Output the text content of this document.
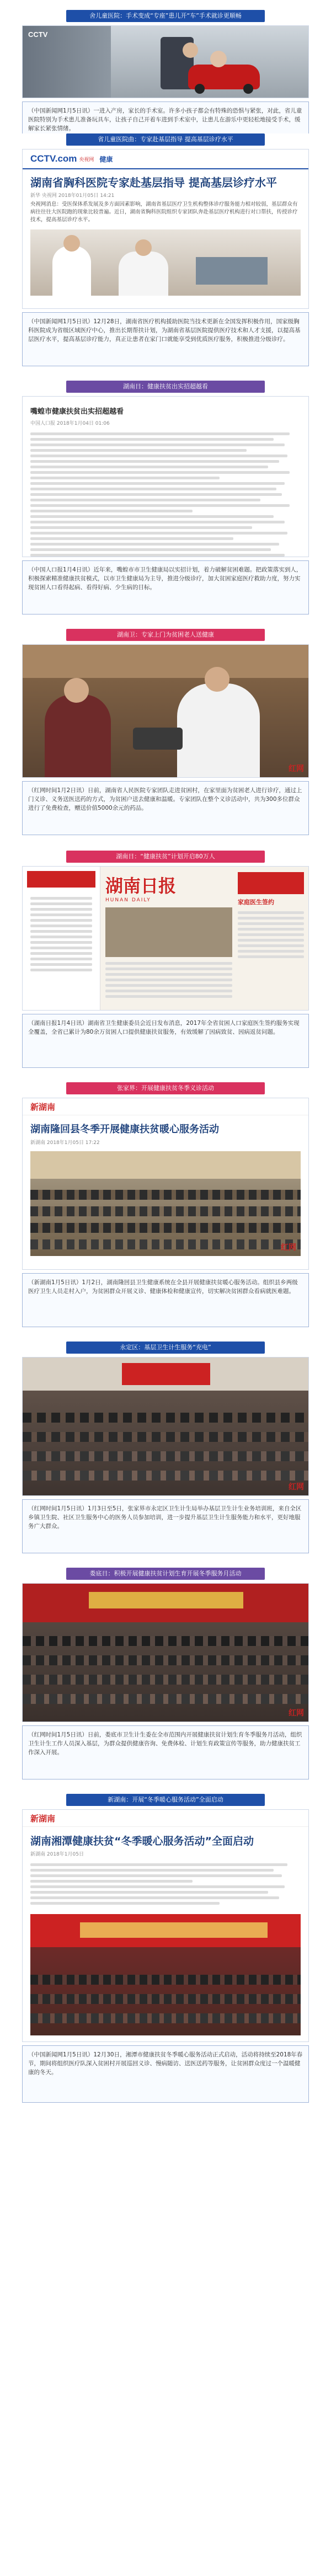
舍儿童医院：手术变成“专座”患儿开“车”手术就诊更顺畅
CCTV
（中国新闻网1月5日讯）一进入产房，家长的手术室。许多小孩子都会有特殊的恐惧与紧张，对此，省儿童医院特别为手术患儿准备玩具车，让孩子自己开着车进到手术室中，让患儿在游乐中更轻松地接受手术，缓解家长紧张情绪。
省儿童医院曲：专家赴基层指导 提高基层诊疗水平
CCTV.com 央视网 健康
湖南省胸科医院专家赴基层指导 提高基层诊疗水平
新华 央视网 2018年01月05日 14:21
央视网消息：受医保体系发展及多方面因素影响，湖南省基层医疗卫生机构整体诊疗服务能力相对较弱，基层群众有病往往往大医院跑的现象比较普遍。近日，湖南省胸科医院组织专家团队奔赴基层医疗机构进行对口帮扶，传授诊疗技术，提高基层诊疗水平。
（中国新闻网1月5日讯）12月28日，湖南省医疗机构援助医院当技术更新在全国发挥积极作用，国家级胸科医院成为省级区域医疗中心，推出长期帮扶计划，为湖南省基层医院提供医疗技术和人才支援，以提高基层医疗水平，提高基层诊疗能力，真正让患者在家门口就能享受到优质医疗服务，积极推进分级诊疗。
湖南日：健康扶贫出实招超越看
嘴蝗市健康扶贫出实招超越看
中国人口报 2018年1月04日 01:06
（中国人口报1月4日讯）近年来，嘴蝗市市卫生健康局以实招计划，着力破解贫困难题。把政策落实到人，积极探索精准健康扶贫模式，以市卫生健康局为主导，推进分级诊疗，加大贫困家庭医疗救助力度，努力实现贫困人口看得起病、看得好病、少生病的目标。
湖南卫：专家上门为贫困老人送健康
红网
（红网时间1月2日讯）日前，湖南省人民医院专家团队走进贫困村，在家里面为贫困老人进行诊疗，通过上门义诊、义务送医送药的方式，为贫困户送去健康和温暖。专家团队在整个义诊活动中，共为300多位群众进行了免费检查，赠送价值5000余元的药品。
湖南日：“健康扶贫”计划开启80万人
湖南日报
HUNAN DAILY	家庭医生签约
（湖南日报1月4日讯）湖南省卫生健康委员会近日发布消息，2017年全省贫困人口家庭医生签约服务实现全覆盖，全省已累计为80余万贫困人口提供健康扶贫服务，有效缓解了因病致贫、因病返贫问题。
张家界：开展健康扶贫冬季义诊活动
新湖南
湖南隆回县冬季开展健康扶贫暖心服务活动
新湖南 2018年1月05日 17:22
红网
（新湖南1月5日讯）1月2日，湖南隆回县卫生健康系统在全县开展健康扶贫暖心服务活动。组织县乡两级医疗卫生人员走村入户，为贫困群众开展义诊、健康体检和健康宣传，切实解决贫困群众看病就医难题。
永定区：基层卫生计生服务“充电”
红网
（红网时间1月5日讯）1月3日至5日，张家界市永定区卫生计生局举办基层卫生计生业务培训班，来自全区乡镇卫生院、社区卫生服务中心的医务人员参加培训，进一步提升基层卫生计生服务能力和水平，更好地服务广大群众。
娄底日：积极开展健康扶贫计划生育开展冬季服务月活动
红网
（红网时间1月5日讯）日前，娄底市卫生计生委在全市范围内开展健康扶贫计划生育冬季服务月活动，组织卫生计生工作人员深入基层，为群众提供健康咨询、免费体检、计划生育政策宣传等服务，助力健康扶贫工作深入开展。
新湖南：开展“冬季暖心服务活动”全面启动
新湖南
湖南湘潭健康扶贫“冬季暖心服务活动”全面启动
新湖南 2018年1月05日
（中国新闻网1月5日讯）12月30日，湘潭市健康扶贫冬季暖心服务活动正式启动，活动将持续至2018年春节，期间将组织医疗队深入贫困村开展巡回义诊、慢病随访、送医送药等服务，让贫困群众度过一个温暖健康的冬天。
